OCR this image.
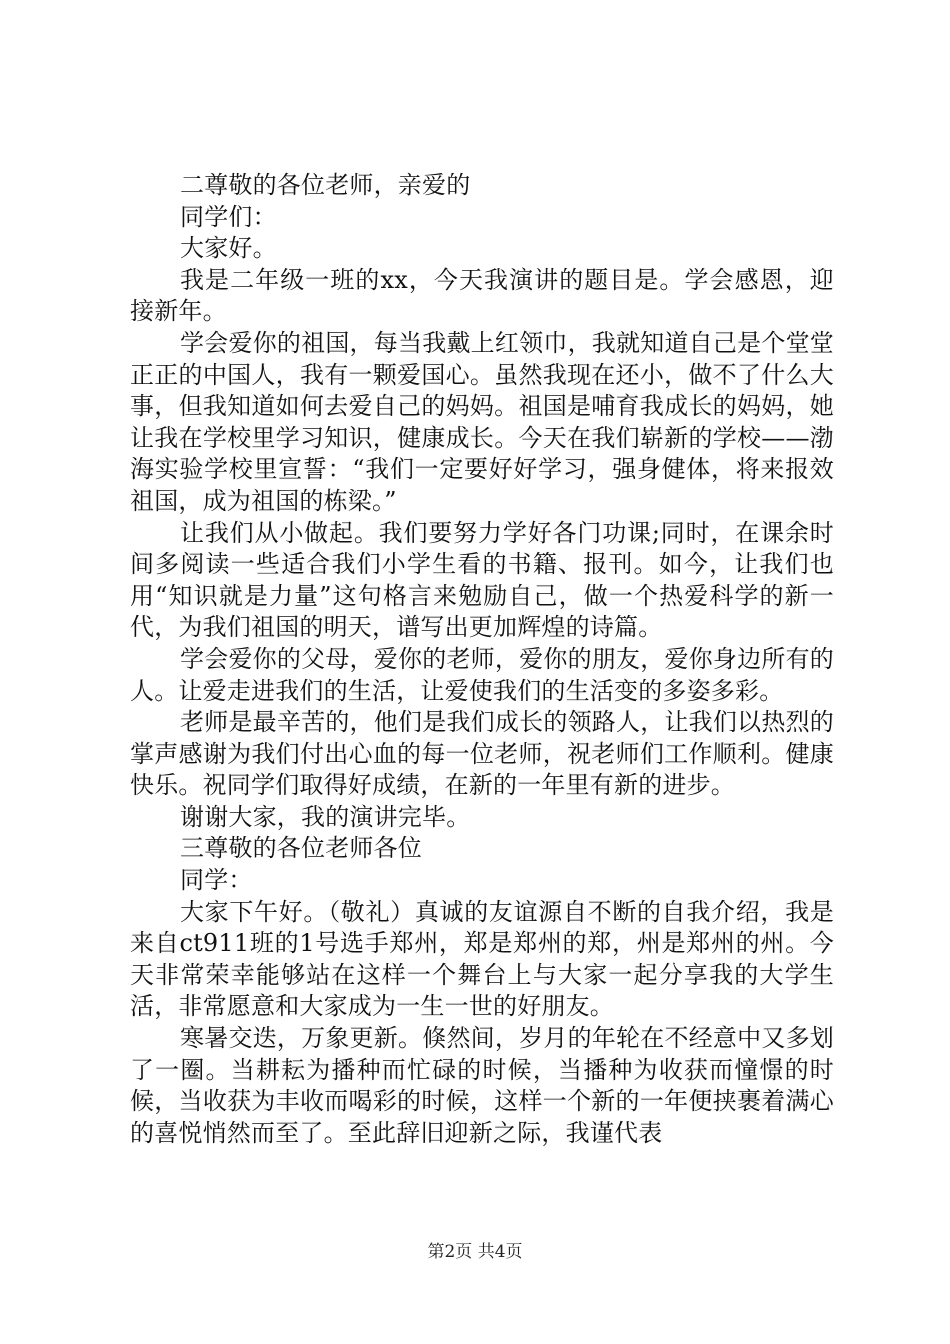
二尊敬的各位老师，亲爱的

同学们：

大家好。

我是二年级一班的xx，今天我演讲的题目是。学会感恩，迎接新年。

学会爱你的祖国，每当我戴上红领巾，我就知道自己是个堂堂正正的中国人，我有一颗爱国心。虽然我现在还小，做不了什么大事，但我知道如何去爱自己的妈妈。祖国是哺育我成长的妈妈，她让我在学校里学习知识，健康成长。今天在我们崭新的学校——渤海实验学校里宣誓：“我们一定要好好学习，强身健体，将来报效祖国，成为祖国的栋梁。”

让我们从小做起。我们要努力学好各门功课;同时，在课余时间多阅读一些适合我们小学生看的书籍、报刊。如今，让我们也用“知识就是力量”这句格言来勉励自己，做一个热爱科学的新一代，为我们祖国的明天，谱写出更加辉煌的诗篇。

学会爱你的父母，爱你的老师，爱你的朋友，爱你身边所有的人。让爱走进我们的生活，让爱使我们的生活变的多姿多彩。

老师是最辛苦的，他们是我们成长的领路人，让我们以热烈的掌声感谢为我们付出心血的每一位老师，祝老师们工作顺利。健康快乐。祝同学们取得好成绩，在新的一年里有新的进步。

谢谢大家，我的演讲完毕。

三尊敬的各位老师各位

同学：

大家下午好。（敬礼）真诚的友谊源自不断的自我介绍，我是来自ct911班的1号选手郑州，郑是郑州的郑，州是郑州的州。今天非常荣幸能够站在这样一个舞台上与大家一起分享我的大学生活，非常愿意和大家成为一生一世的好朋友。

寒暑交迭，万象更新。倏然间，岁月的年轮在不经意中又多划了一圈。当耕耘为播种而忙碌的时候，当播种为收获而憧憬的时候，当收获为丰收而喝彩的时候，这样一个新的一年便挟裹着满心的喜悦悄然而至了。至此辞旧迎新之际，我谨代表

第2页 共4页
